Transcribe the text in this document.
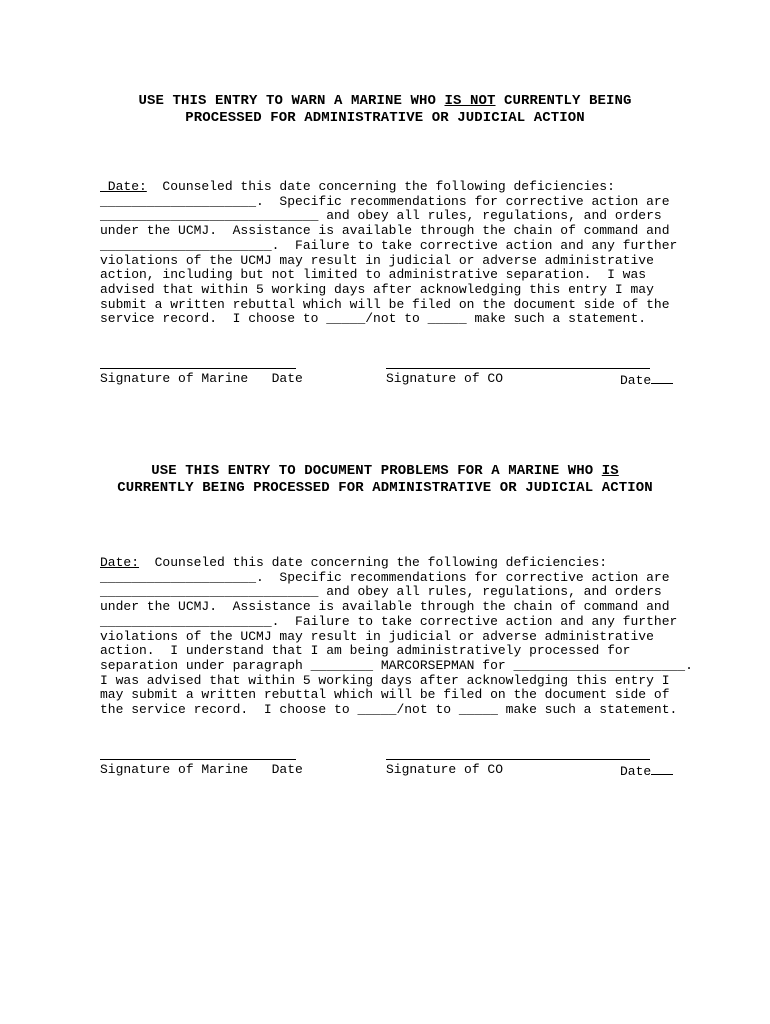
USE THIS ENTRY TO WARN A MARINE WHO IS NOT CURRENTLY BEING
PROCESSED FOR ADMINISTRATIVE OR JUDICIAL ACTION
Date:  Counseled this date concerning the following deficiencies:
____________________.  Specific recommendations for corrective action are
____________________________ and obey all rules, regulations, and orders
under the UCMJ.  Assistance is available through the chain of command and
______________________.  Failure to take corrective action and any further
violations of the UCMJ may result in judicial or adverse administrative
action, including but not limited to administrative separation.  I was
advised that within 5 working days after acknowledging this entry I may
submit a written rebuttal which will be filed on the document side of the
service record.  I choose to _____/not to _____ make such a statement.
Signature of Marine   Date	Signature of CO	Date
USE THIS ENTRY TO DOCUMENT PROBLEMS FOR A MARINE WHO IS
CURRENTLY BEING PROCESSED FOR ADMINISTRATIVE OR JUDICIAL ACTION
Date:  Counseled this date concerning the following deficiencies:
____________________.  Specific recommendations for corrective action are
____________________________ and obey all rules, regulations, and orders
under the UCMJ.  Assistance is available through the chain of command and
______________________.  Failure to take corrective action and any further
violations of the UCMJ may result in judicial or adverse administrative
action.  I understand that I am being administratively processed for
separation under paragraph ________ MARCORSEPMAN for ______________________.
I was advised that within 5 working days after acknowledging this entry I
may submit a written rebuttal which will be filed on the document side of
the service record.  I choose to _____/not to _____ make such a statement.
Signature of Marine   Date	Signature of CO	Date
